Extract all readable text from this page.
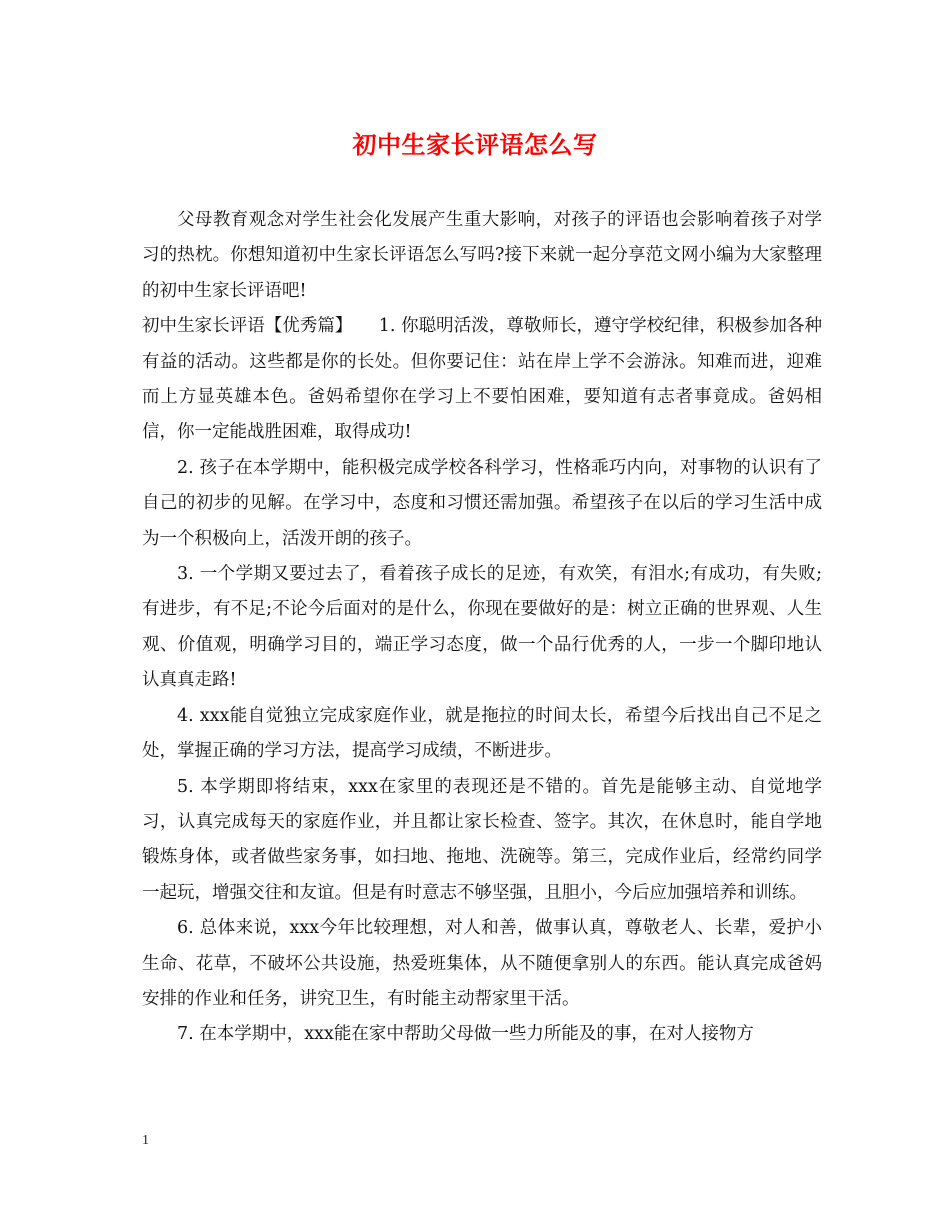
初中生家长评语怎么写

父母教育观念对学生社会化发展产生重大影响，对孩子的评语也会影响着孩子对学习的热枕。你想知道初中生家长评语怎么写吗?接下来就一起分享范文网小编为大家整理的初中生家长评语吧!

初中生家长评语【优秀篇】　　1. 你聪明活泼，尊敬师长，遵守学校纪律，积极参加各种有益的活动。这些都是你的长处。但你要记住：站在岸上学不会游泳。知难而进，迎难而上方显英雄本色。爸妈希望你在学习上不要怕困难，要知道有志者事竟成。爸妈相信，你一定能战胜困难，取得成功!

2. 孩子在本学期中，能积极完成学校各科学习，性格乖巧内向，对事物的认识有了自己的初步的见解。在学习中，态度和习惯还需加强。希望孩子在以后的学习生活中成为一个积极向上，活泼开朗的孩子。

3. 一个学期又要过去了，看着孩子成长的足迹，有欢笑，有泪水;有成功，有失败;有进步，有不足;不论今后面对的是什么，你现在要做好的是：树立正确的世界观、人生观、价值观，明确学习目的，端正学习态度，做一个品行优秀的人，一步一个脚印地认认真真走路!

4. xxx能自觉独立完成家庭作业，就是拖拉的时间太长，希望今后找出自己不足之处，掌握正确的学习方法，提高学习成绩，不断进步。

5. 本学期即将结束，xxx在家里的表现还是不错的。首先是能够主动、自觉地学习，认真完成每天的家庭作业，并且都让家长检查、签字。其次，在休息时，能自学地锻炼身体，或者做些家务事，如扫地、拖地、洗碗等。第三，完成作业后，经常约同学一起玩，增强交往和友谊。但是有时意志不够坚强，且胆小，今后应加强培养和训练。

6. 总体来说，xxx今年比较理想，对人和善，做事认真，尊敬老人、长辈，爱护小生命、花草，不破坏公共设施，热爱班集体，从不随便拿别人的东西。能认真完成爸妈安排的作业和任务，讲究卫生，有时能主动帮家里干活。

7. 在本学期中，xxx能在家中帮助父母做一些力所能及的事，在对人接物方

1
